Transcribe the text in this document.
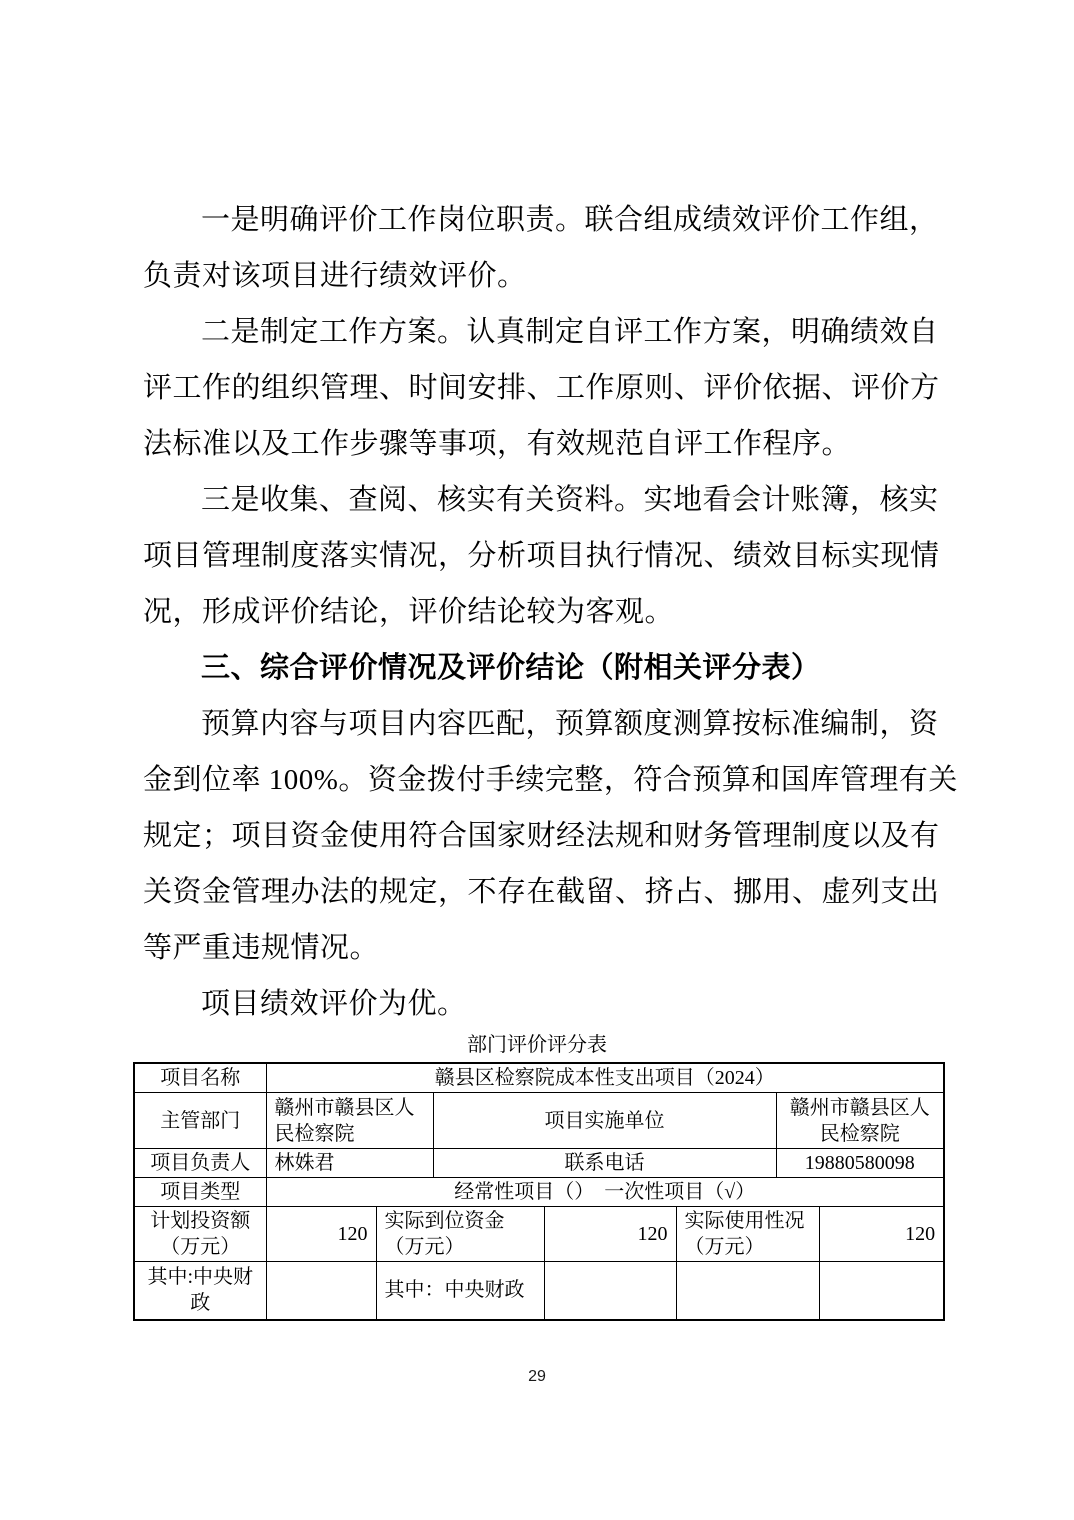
一是明确评价工作岗位职责。联合组成绩效评价工作组，
负责对该项目进行绩效评价。
二是制定工作方案。认真制定自评工作方案，明确绩效自
评工作的组织管理、时间安排、工作原则、评价依据、评价方
法标准以及工作步骤等事项，有效规范自评工作程序。
三是收集、查阅、核实有关资料。实地看会计账簿，核实
项目管理制度落实情况，分析项目执行情况、绩效目标实现情
况，形成评价结论，评价结论较为客观。
三、综合评价情况及评价结论（附相关评分表）
预算内容与项目内容匹配，预算额度测算按标准编制，资
金到位率 100%。资金拨付手续完整，符合预算和国库管理有关
规定；项目资金使用符合国家财经法规和财务管理制度以及有
关资金管理办法的规定，不存在截留、挤占、挪用、虚列支出
等严重违规情况。
项目绩效评价为优。
部门评价评分表
项目名称	赣县区检察院成本性支出项目（2024）						
主管部门	赣州市赣县区人民检察院		项目实施单位			赣州市赣县区人民检察院	
项目负责人	林姝君		联系电话			19880580098	
项目类型	经常性项目（）　一次性项目（√）						
计划投资额（万元）	120	实际到位资金（万元）		120	实际使用性况（万元）		120
其中:中央财政		其中：中央财政					
29
